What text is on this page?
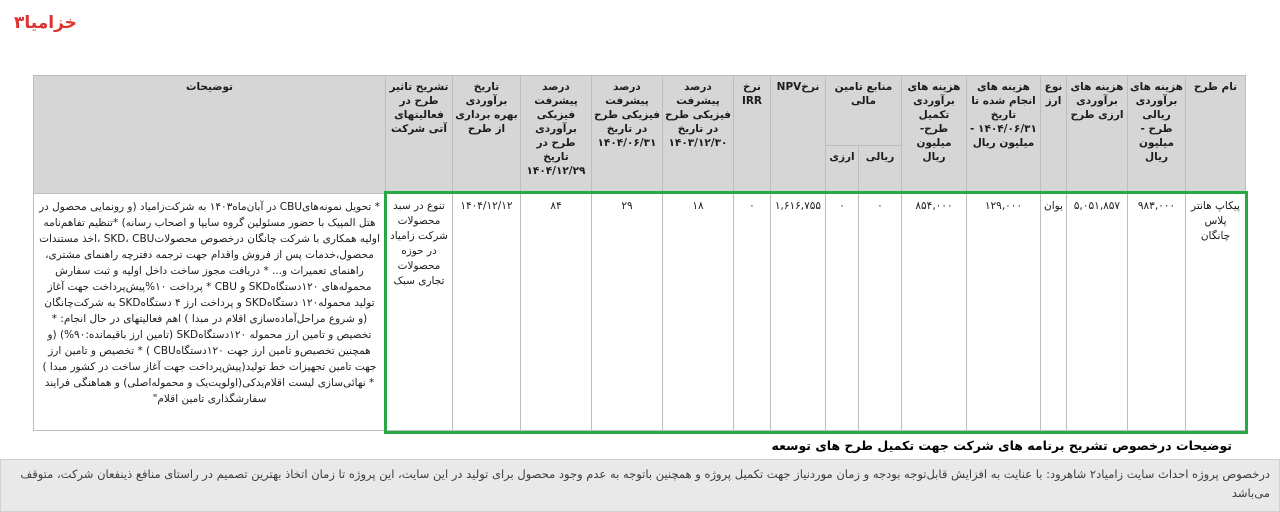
خزامیا۳
نام طرح	هزینه های برآوردی ریالی طرح - میلیون ریال	هزینه های برآوردی ارزی طرح	نوع ارز	هزینه های انجام شده تا تاریخ ۱۴۰۴/۰۶/۳۱ - میلیون ریال	هزینه های برآوردی تکمیل طرح- میلیون ریال	منابع تامین مالی		نرخNPV	نرخ IRR	درصد پیشرفت فیزیکی طرح در تاریخ ۱۴۰۳/۱۲/۳۰	درصد پیشرفت فیزیکی طرح در تاریخ ۱۴۰۴/۰۶/۳۱	درصد پیشرفت فیزیکی برآوردی طرح در تاریخ ۱۴۰۴/۱۲/۲۹	تاریخ برآوردی بهره برداری از طرح	تشریح تاثیر طرح در فعالیتهای آتی شرکت	توضیحات
						ریالی	ارزی								
پیکاپ هانتر پلاس چانگان	۹۸۳,۰۰۰	۵,۰۵۱,۸۵۷	یوان	۱۲۹,۰۰۰	۸۵۴,۰۰۰	۰	۰	۱,۶۱۶,۷۵۵	۰	۱۸	۲۹	۸۴	۱۴۰۴/۱۲/۱۲	تنوع در سبد محصولات شرکت زامیاد در حوزه محصولات تجاری سبک	* تحویل نمونه‌هایCBU در آبان‌ماه۱۴۰۳ به شرکت‌زامیاد (و رونمایی محصول در هتل المپیک با حضور مسئولین گروه سایپا و اصحاب رسانه) *تنظیم تفاهم‌نامه اولیه همکاری با شرکت چانگان درخصوص محصولاتSKD، CBU ،اخذ مستندات محصول،خدمات پس از فروش واقدام جهت ترجمه دفترچه راهنمای مشتری، راهنمای تعمیرات و... * دریافت مجوز ساخت داخل اولیه و ثبت سفارش محموله‌های ۱۲۰دستگاهSKD و CBU * پرداخت ۱۰%پیش‌پرداخت جهت آغاز تولید محموله۱۲۰ دستگاهSKD و پرداخت ارز ۴ دستگاهSKD به شرکت‌چانگان (و شروع مراحل‌آماده‌سازی اقلام در مبدا ) اهم فعالیتهای در حال انجام: * تخصیص و تامین ارز محموله ۱۲۰دستگاهSKD (تامین ارز باقیمانده:۹۰%) (و همچنین تخصیص‌و تامین ارز جهت ۱۲۰دستگاهCBU ) * تخصیص و تامین ارز جهت تامین تجهیزات خط تولید(پیش‌پرداخت جهت آغاز ساخت در کشور مبدا ) * نهائی‌سازی لیست اقلام‌یدکی(اولویت‌یک و محموله‌اصلی) و هماهنگی فرایند سفارشگذاری تامین اقلام"
توضیحات درخصوص تشریح برنامه های شرکت جهت تکمیل طرح های توسعه
درخصوص پروژه احداث سایت زامیاد۲ شاهرود: با عنایت به افزایش قابل‌توجه بودجه و زمان موردنیاز جهت تکمیل پروژه و همچنین باتوجه به عدم وجود محصول برای تولید در این سایت، این پروژه تا زمان اتخاذ بهترین تصمیم در راستای منافع ذینفعان شرکت، متوقف می‌باشد
